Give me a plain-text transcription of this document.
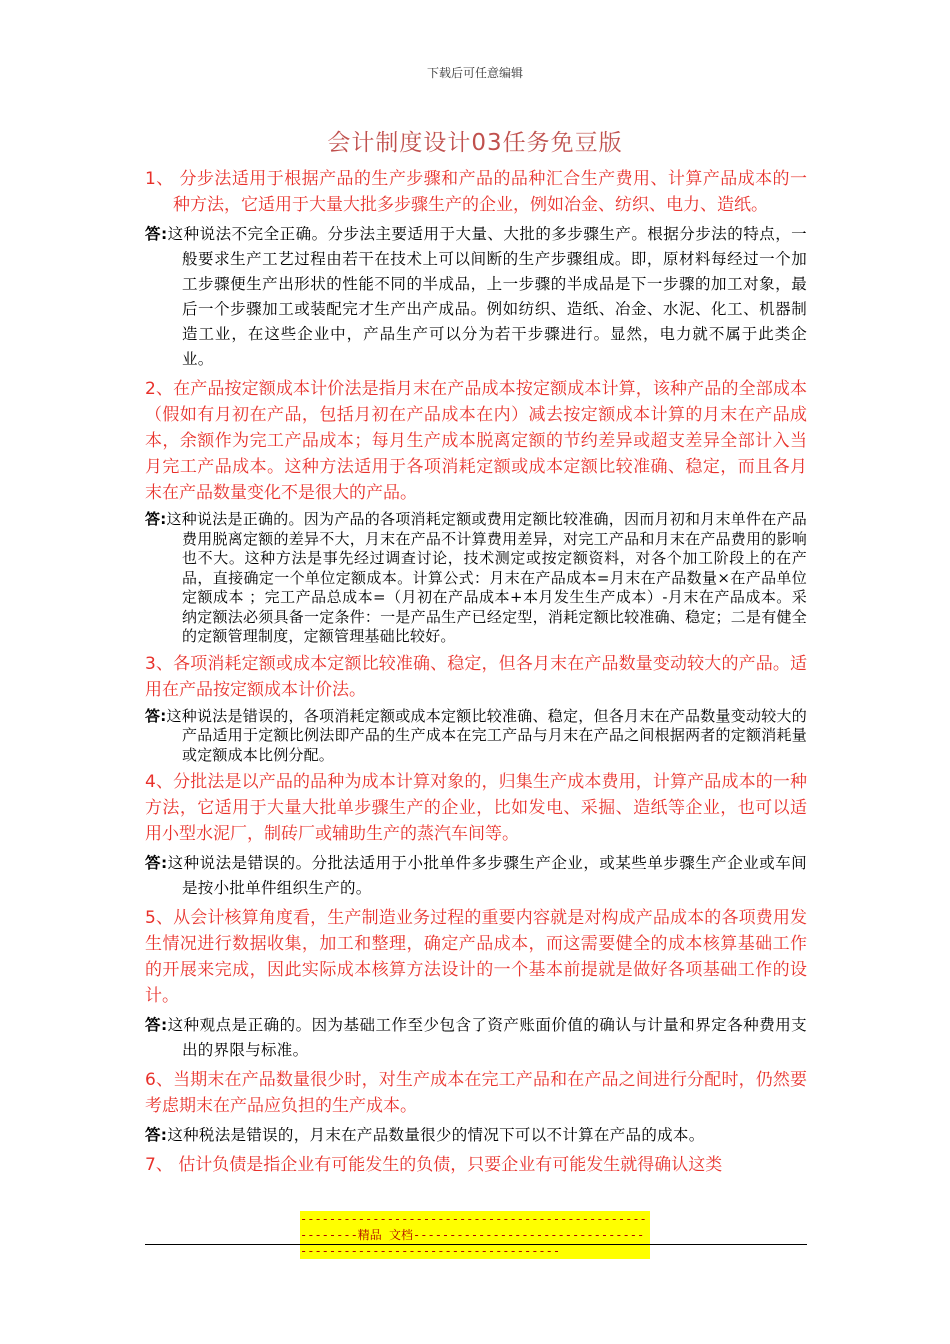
下载后可任意编辑
会计制度设计03任务免豆版

1、 分步法适用于根据产品的生产步骤和产品的品种汇合生产费用、计算产品成本的一种方法，它适用于大量大批多步骤生产的企业，例如冶金、纺织、电力、造纸。

答:这种说法不完全正确。分步法主要适用于大量、大批的多步骤生产。根据分步法的特点，一般要求生产工艺过程由若干在技术上可以间断的生产步骤组成。即，原材料每经过一个加工步骤便生产出形状的性能不同的半成品，上一步骤的半成品是下一步骤的加工对象，最后一个步骤加工或装配完才生产出产成品。例如纺织、造纸、冶金、水泥、化工、机器制造工业，在这些企业中，产品生产可以分为若干步骤进行。显然，电力就不属于此类企业。

2、在产品按定额成本计价法是指月末在产品成本按定额成本计算，该种产品的全部成本（假如有月初在产品，包括月初在产品成本在内）减去按定额成本计算的月末在产品成本，余额作为完工产品成本；每月生产成本脱离定额的节约差异或超支差异全部计入当月完工产品成本。这种方法适用于各项消耗定额或成本定额比较准确、稳定，而且各月末在产品数量变化不是很大的产品。

答:这种说法是正确的。因为产品的各项消耗定额或费用定额比较准确，因而月初和月末单件在产品费用脱离定额的差异不大，月末在产品不计算费用差异，对完工产品和月末在产品费用的影响也不大。这种方法是事先经过调查讨论，技术测定或按定额资料，对各个加工阶段上的在产品，直接确定一个单位定额成本。计算公式：月末在产品成本=月末在产品数量×在产品单位定额成本 ；完工产品总成本=（月初在产品成本+本月发生生产成本）-月末在产品成本。采纳定额法必须具备一定条件：一是产品生产已经定型，消耗定额比较准确、稳定；二是有健全的定额管理制度，定额管理基础比较好。

3、各项消耗定额或成本定额比较准确、稳定，但各月末在产品数量变动较大的产品。适用在产品按定额成本计价法。

答:这种说法是错误的，各项消耗定额或成本定额比较准确、稳定，但各月末在产品数量变动较大的产品适用于定额比例法即产品的生产成本在完工产品与月末在产品之间根据两者的定额消耗量或定额成本比例分配。

4、分批法是以产品的品种为成本计算对象的，归集生产成本费用，计算产品成本的一种方法，它适用于大量大批单步骤生产的企业，比如发电、采掘、造纸等企业，也可以适用小型水泥厂，制砖厂或辅助生产的蒸汽车间等。

答:这种说法是错误的。分批法适用于小批单件多步骤生产企业，或某些单步骤生产企业或车间是按小批单件组织生产的。

5、从会计核算角度看，生产制造业务过程的重要内容就是对构成产品成本的各项费用发生情况进行数据收集，加工和整理，确定产品成本，而这需要健全的成本核算基础工作的开展来完成，因此实际成本核算方法设计的一个基本前提就是做好各项基础工作的设计。

答:这种观点是正确的。因为基础工作至少包含了资产账面价值的确认与计量和界定各种费用支出的界限与标准。

6、当期末在产品数量很少时，对生产成本在完工产品和在产品之间进行分配时，仍然要考虑期末在产品应负担的生产成本。

答:这种税法是错误的，月末在产品数量很少的情况下可以不计算在产品的成本。

7、 估计负债是指企业有可能发生的负债，只要企业有可能发生就得确认这类

--------------------------------------------------------精品 文档--------------------------------------------------------------------
